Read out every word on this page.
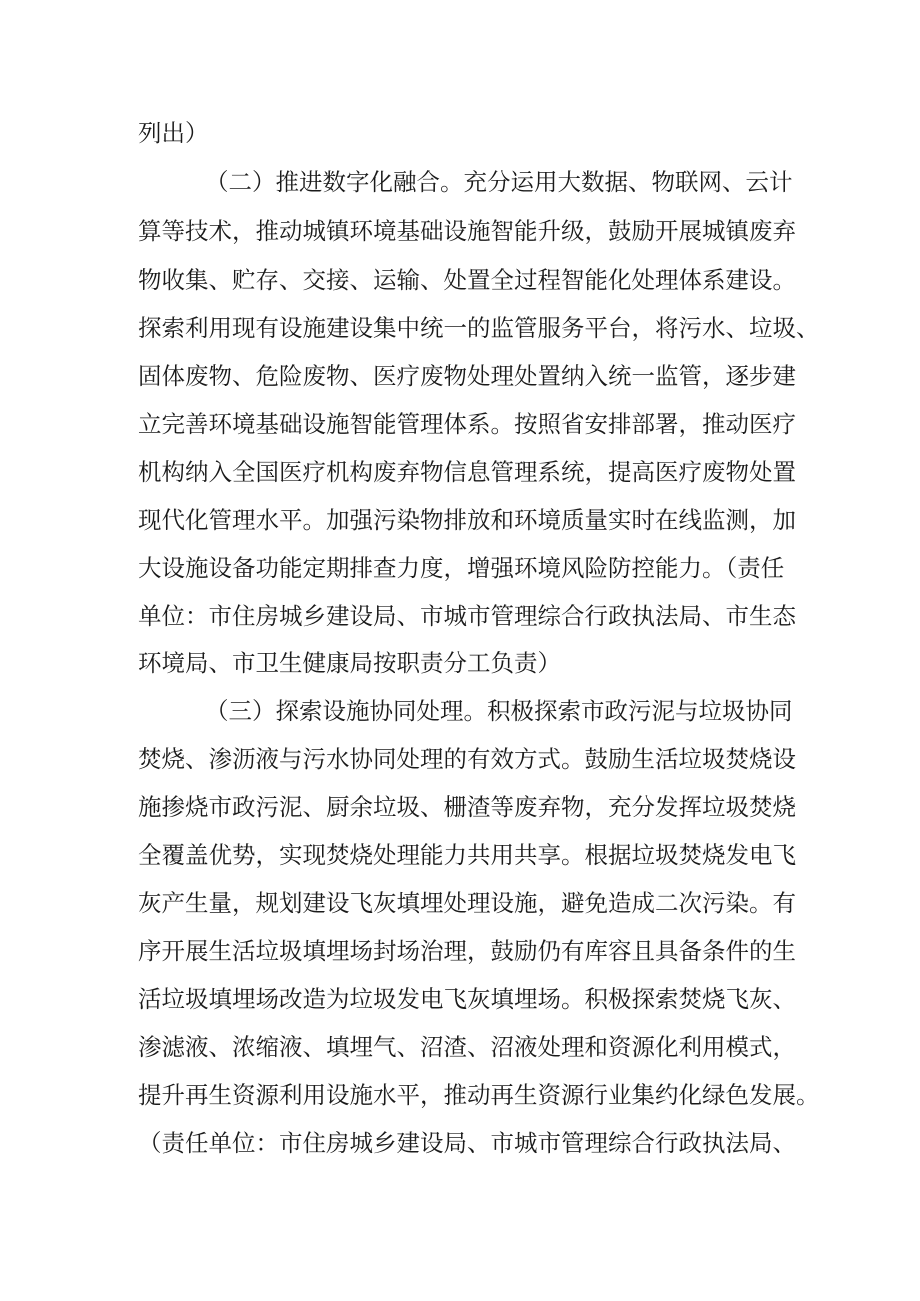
列出）
（二）推进数字化融合。充分运用大数据、物联网、云计
算等技术，推动城镇环境基础设施智能升级，鼓励开展城镇废弃
物收集、贮存、交接、运输、处置全过程智能化处理体系建设。
探索利用现有设施建设集中统一的监管服务平台，将污水、垃圾、
固体废物、危险废物、医疗废物处理处置纳入统一监管，逐步建
立完善环境基础设施智能管理体系。按照省安排部署，推动医疗
机构纳入全国医疗机构废弃物信息管理系统，提高医疗废物处置
现代化管理水平。加强污染物排放和环境质量实时在线监测，加
大设施设备功能定期排查力度，增强环境风险防控能力。（责任
单位：市住房城乡建设局、市城市管理综合行政执法局、市生态
环境局、市卫生健康局按职责分工负责）
（三）探索设施协同处理。积极探索市政污泥与垃圾协同
焚烧、渗沥液与污水协同处理的有效方式。鼓励生活垃圾焚烧设
施掺烧市政污泥、厨余垃圾、栅渣等废弃物，充分发挥垃圾焚烧
全覆盖优势，实现焚烧处理能力共用共享。根据垃圾焚烧发电飞
灰产生量，规划建设飞灰填埋处理设施，避免造成二次污染。有
序开展生活垃圾填埋场封场治理，鼓励仍有库容且具备条件的生
活垃圾填埋场改造为垃圾发电飞灰填埋场。积极探索焚烧飞灰、
渗滤液、浓缩液、填埋气、沼渣、沼液处理和资源化利用模式，
提升再生资源利用设施水平，推动再生资源行业集约化绿色发展。
（责任单位：市住房城乡建设局、市城市管理综合行政执法局、
